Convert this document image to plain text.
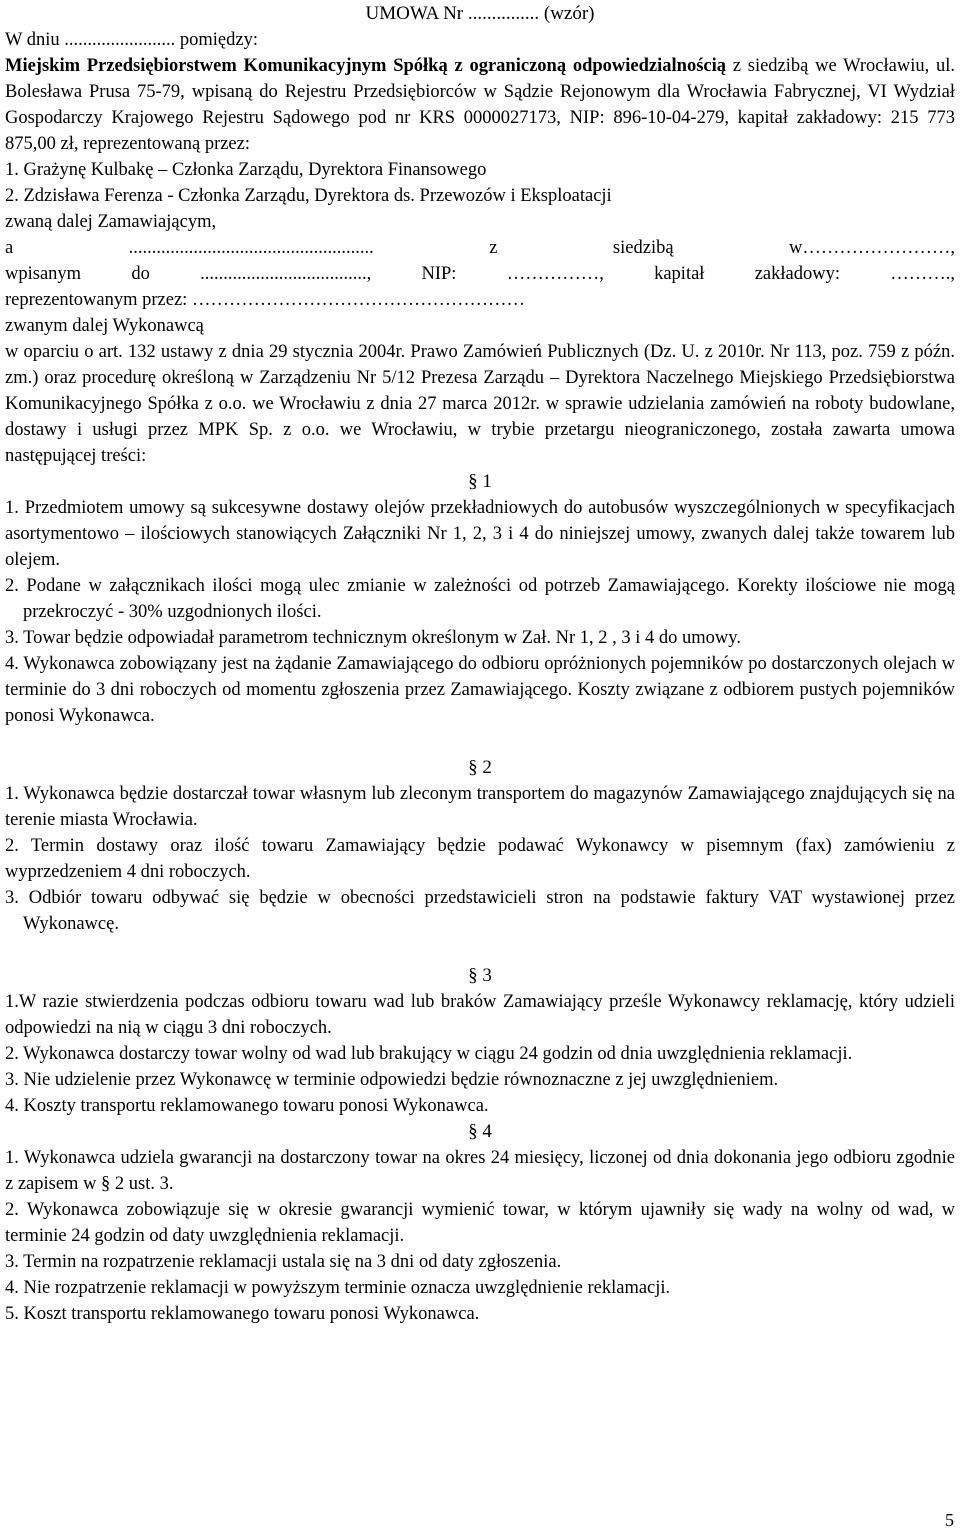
UMOWA Nr ............... (wzór)

W dniu ........................ pomiędzy:

Miejskim Przedsiębiorstwem Komunikacyjnym Spółką z ograniczoną odpowiedzialnością z siedzibą we Wrocławiu, ul. Bolesława Prusa 75-79, wpisaną do Rejestru Przedsiębiorców w Sądzie Rejonowym dla Wrocławia Fabrycznej, VI Wydział Gospodarczy Krajowego Rejestru Sądowego pod nr KRS 0000027173, NIP: 896-10-04-279, kapitał zakładowy: 215 773 875,00 zł, reprezentowaną przez:

1. Grażynę Kulbakę – Członka Zarządu, Dyrektora Finansowego

2. Zdzisława Ferenza - Członka Zarządu, Dyrektora ds. Przewozów i Eksploatacji

zwaną dalej Zamawiającym,

a ..................................................... z siedzibą w……………………,

wpisanym do ...................................., NIP: ……………, kapitał zakładowy: ……….,

reprezentowanym przez: ………………………………………………

zwanym dalej Wykonawcą

w oparciu o art. 132 ustawy z dnia 29 stycznia 2004r. Prawo Zamówień Publicznych (Dz. U. z 2010r. Nr 113, poz. 759 z późn. zm.) oraz procedurę określoną w Zarządzeniu Nr 5/12 Prezesa Zarządu – Dyrektora Naczelnego Miejskiego Przedsiębiorstwa Komunikacyjnego Spółka z o.o. we Wrocławiu z dnia 27 marca 2012r. w sprawie udzielania zamówień na roboty budowlane, dostawy i usługi przez MPK Sp. z o.o. we Wrocławiu, w trybie przetargu nieograniczonego, została zawarta umowa następującej treści:

§ 1

1. Przedmiotem umowy są sukcesywne dostawy olejów przekładniowych do autobusów wyszczególnionych w specyfikacjach asortymentowo – ilościowych stanowiących Załączniki Nr 1, 2, 3 i 4 do niniejszej umowy, zwanych dalej także towarem lub olejem.

2. Podane w załącznikach ilości mogą ulec zmianie w zależności od potrzeb Zamawiającego. Korekty ilościowe nie mogą przekroczyć - 30% uzgodnionych ilości.

3. Towar będzie odpowiadał parametrom technicznym określonym w Zał. Nr 1, 2 , 3 i 4 do umowy.

4. Wykonawca zobowiązany jest na żądanie Zamawiającego do odbioru opróżnionych pojemników po dostarczonych olejach w terminie do 3 dni roboczych od momentu zgłoszenia przez Zamawiającego. Koszty związane z odbiorem pustych pojemników ponosi Wykonawca.

§ 2

1. Wykonawca będzie dostarczał towar własnym lub zleconym transportem do magazynów Zamawiającego znajdujących się na terenie miasta Wrocławia.

2. Termin dostawy oraz ilość towaru Zamawiający będzie podawać Wykonawcy w pisemnym (fax) zamówieniu z wyprzedzeniem 4 dni roboczych.

3. Odbiór towaru odbywać się będzie w obecności przedstawicieli stron na podstawie faktury VAT wystawionej przez Wykonawcę.

§ 3

1.W razie stwierdzenia podczas odbioru towaru wad lub braków Zamawiający prześle Wykonawcy reklamację, który udzieli odpowiedzi na nią w ciągu 3 dni roboczych.

2. Wykonawca dostarczy towar wolny od wad lub brakujący w ciągu 24 godzin od dnia uwzględnienia reklamacji.

3. Nie udzielenie przez Wykonawcę w terminie odpowiedzi będzie równoznaczne z jej uwzględnieniem.

4. Koszty transportu reklamowanego towaru ponosi Wykonawca.

§ 4

1. Wykonawca udziela gwarancji na dostarczony towar na okres 24 miesięcy, liczonej od dnia dokonania jego odbioru zgodnie z zapisem w § 2 ust. 3.

2. Wykonawca zobowiązuje się w okresie gwarancji wymienić towar, w którym ujawniły się wady na wolny od wad, w terminie 24 godzin od daty uwzględnienia reklamacji.

3. Termin na rozpatrzenie reklamacji ustala się na 3 dni od daty zgłoszenia.

4. Nie rozpatrzenie reklamacji w powyższym terminie oznacza uwzględnienie reklamacji.

5. Koszt transportu reklamowanego towaru ponosi Wykonawca.

5
